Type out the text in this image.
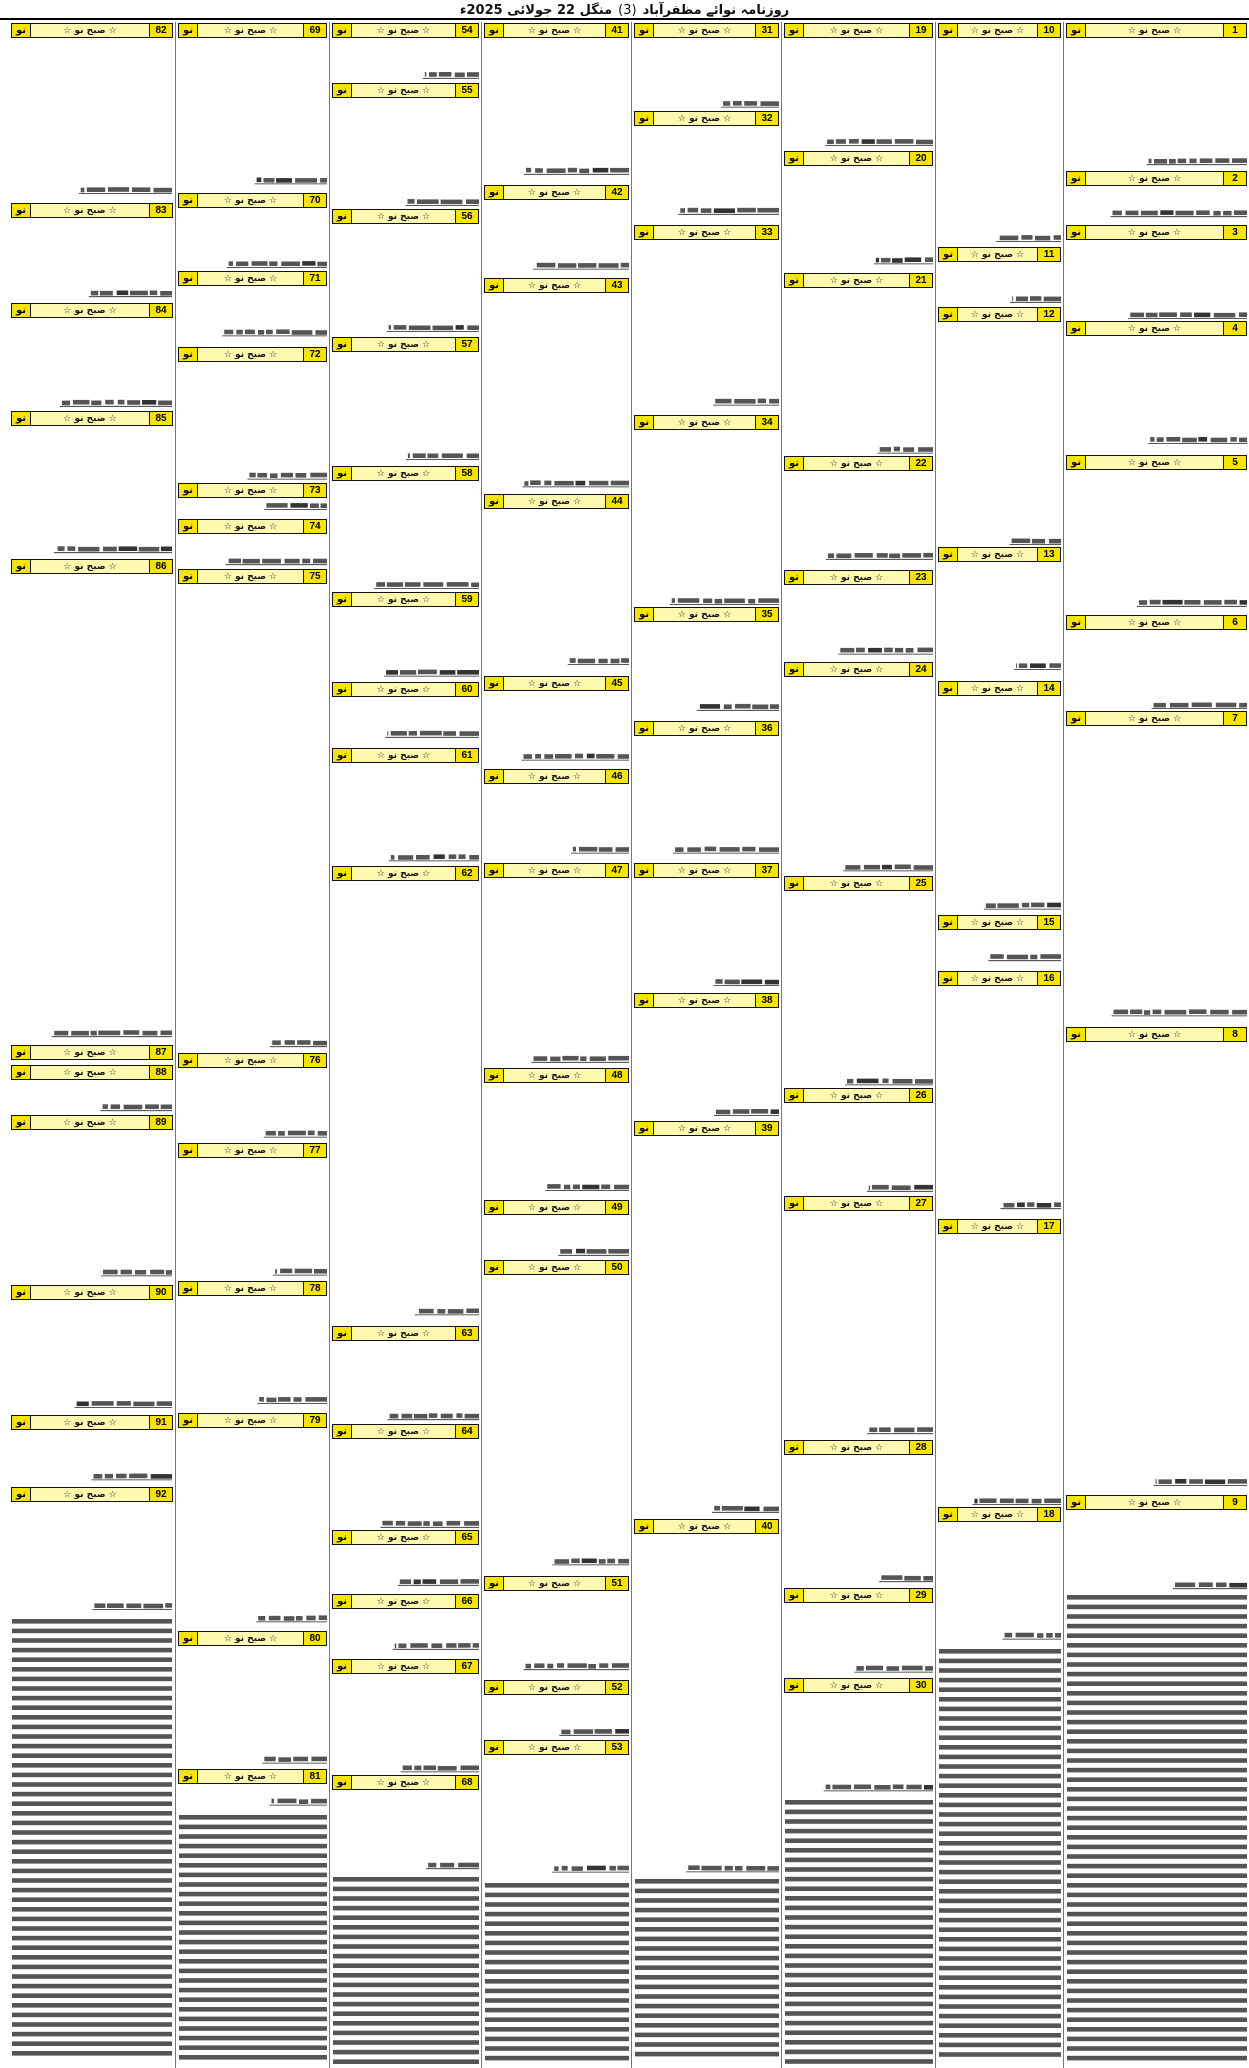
روزنامہ نوائے مظفرآباد
(3)
منگل 22 جولائی 2025ء
1
☆ صبح نو ☆
نو
2
☆ صبح نو ☆
نو
3
☆ صبح نو ☆
نو
4
☆ صبح نو ☆
نو
5
☆ صبح نو ☆
نو
6
☆ صبح نو ☆
نو
7
☆ صبح نو ☆
نو
8
☆ صبح نو ☆
نو
9
☆ صبح نو ☆
نو
10
☆ صبح نو ☆
نو
11
☆ صبح نو ☆
نو
12
☆ صبح نو ☆
نو
13
☆ صبح نو ☆
نو
14
☆ صبح نو ☆
نو
15
☆ صبح نو ☆
نو
16
☆ صبح نو ☆
نو
17
☆ صبح نو ☆
نو
18
☆ صبح نو ☆
نو
19
☆ صبح نو ☆
نو
20
☆ صبح نو ☆
نو
21
☆ صبح نو ☆
نو
22
☆ صبح نو ☆
نو
23
☆ صبح نو ☆
نو
24
☆ صبح نو ☆
نو
25
☆ صبح نو ☆
نو
26
☆ صبح نو ☆
نو
27
☆ صبح نو ☆
نو
28
☆ صبح نو ☆
نو
29
☆ صبح نو ☆
نو
30
☆ صبح نو ☆
نو
31
☆ صبح نو ☆
نو
32
☆ صبح نو ☆
نو
33
☆ صبح نو ☆
نو
34
☆ صبح نو ☆
نو
35
☆ صبح نو ☆
نو
36
☆ صبح نو ☆
نو
37
☆ صبح نو ☆
نو
38
☆ صبح نو ☆
نو
39
☆ صبح نو ☆
نو
40
☆ صبح نو ☆
نو
41
☆ صبح نو ☆
نو
42
☆ صبح نو ☆
نو
43
☆ صبح نو ☆
نو
44
☆ صبح نو ☆
نو
45
☆ صبح نو ☆
نو
46
☆ صبح نو ☆
نو
47
☆ صبح نو ☆
نو
48
☆ صبح نو ☆
نو
49
☆ صبح نو ☆
نو
50
☆ صبح نو ☆
نو
51
☆ صبح نو ☆
نو
52
☆ صبح نو ☆
نو
53
☆ صبح نو ☆
نو
54
☆ صبح نو ☆
نو
55
☆ صبح نو ☆
نو
56
☆ صبح نو ☆
نو
57
☆ صبح نو ☆
نو
58
☆ صبح نو ☆
نو
59
☆ صبح نو ☆
نو
60
☆ صبح نو ☆
نو
61
☆ صبح نو ☆
نو
62
☆ صبح نو ☆
نو
63
☆ صبح نو ☆
نو
64
☆ صبح نو ☆
نو
65
☆ صبح نو ☆
نو
66
☆ صبح نو ☆
نو
67
☆ صبح نو ☆
نو
68
☆ صبح نو ☆
نو
69
☆ صبح نو ☆
نو
70
☆ صبح نو ☆
نو
71
☆ صبح نو ☆
نو
72
☆ صبح نو ☆
نو
73
☆ صبح نو ☆
نو
74
☆ صبح نو ☆
نو
75
☆ صبح نو ☆
نو
76
☆ صبح نو ☆
نو
77
☆ صبح نو ☆
نو
78
☆ صبح نو ☆
نو
79
☆ صبح نو ☆
نو
80
☆ صبح نو ☆
نو
81
☆ صبح نو ☆
نو
82
☆ صبح نو ☆
نو
83
☆ صبح نو ☆
نو
84
☆ صبح نو ☆
نو
85
☆ صبح نو ☆
نو
86
☆ صبح نو ☆
نو
87
☆ صبح نو ☆
نو
88
☆ صبح نو ☆
نو
89
☆ صبح نو ☆
نو
90
☆ صبح نو ☆
نو
91
☆ صبح نو ☆
نو
92
☆ صبح نو ☆
نو
